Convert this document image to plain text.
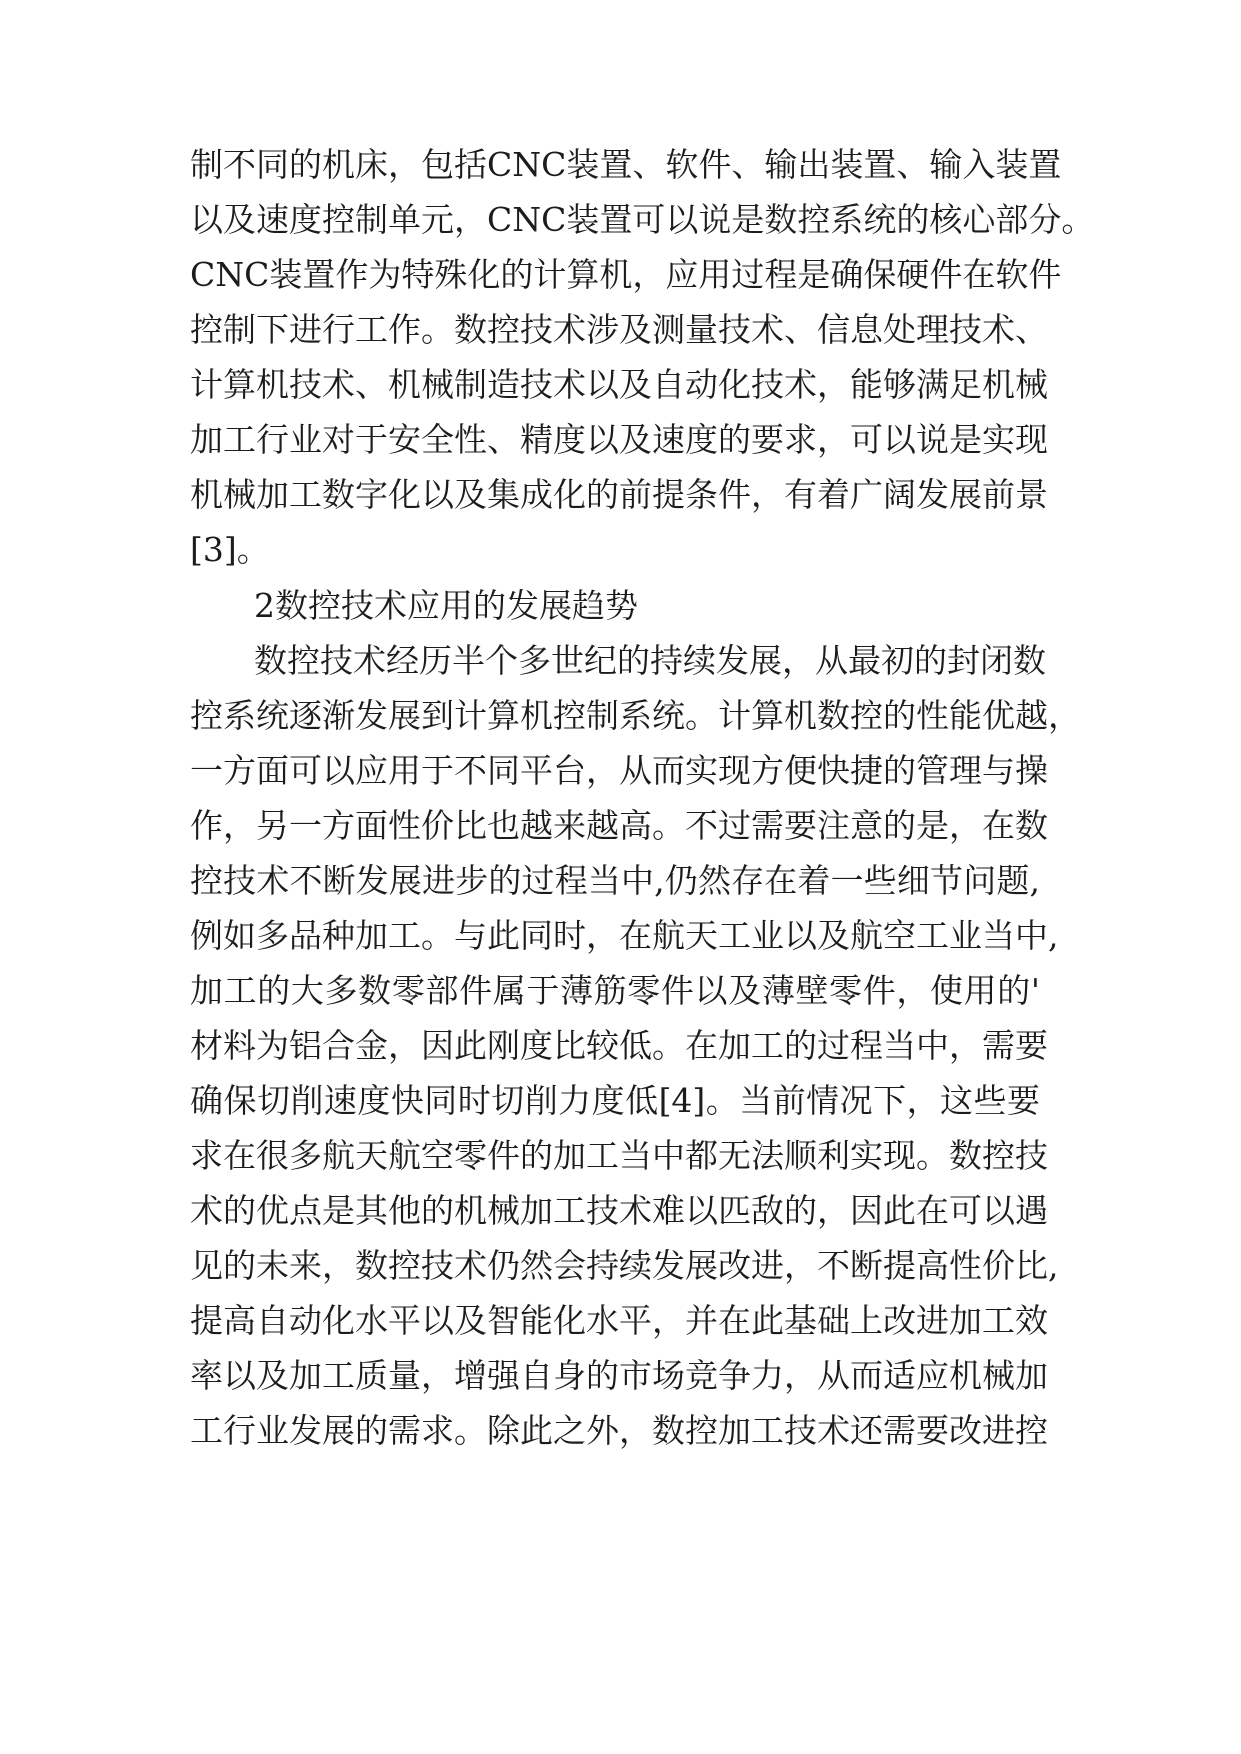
制不同的机床，包括CNC装置、软件、输出装置、输入装置

以及速度控制单元，CNC装置可以说是数控系统的核心部分。

CNC装置作为特殊化的计算机，应用过程是确保硬件在软件

控制下进行工作。数控技术涉及测量技术、信息处理技术、

计算机技术、机械制造技术以及自动化技术，能够满足机械

加工行业对于安全性、精度以及速度的要求，可以说是实现

机械加工数字化以及集成化的前提条件，有着广阔发展前景

[3]。

2数控技术应用的发展趋势

数控技术经历半个多世纪的持续发展，从最初的封闭数

控系统逐渐发展到计算机控制系统。计算机数控的性能优越，

一方面可以应用于不同平台，从而实现方便快捷的管理与操

作，另一方面性价比也越来越高。不过需要注意的是，在数

控技术不断发展进步的过程当中,仍然存在着一些细节问题,

例如多品种加工。与此同时，在航天工业以及航空工业当中,

加工的大多数零部件属于薄筋零件以及薄壁零件，使用的'

材料为铝合金，因此刚度比较低。在加工的过程当中，需要

确保切削速度快同时切削力度低[4]。当前情况下，这些要

求在很多航天航空零件的加工当中都无法顺利实现。数控技

术的优点是其他的机械加工技术难以匹敌的，因此在可以遇

见的未来，数控技术仍然会持续发展改进，不断提高性价比,

提高自动化水平以及智能化水平，并在此基础上改进加工效

率以及加工质量，增强自身的市场竞争力，从而适应机械加

工行业发展的需求。除此之外，数控加工技术还需要改进控
